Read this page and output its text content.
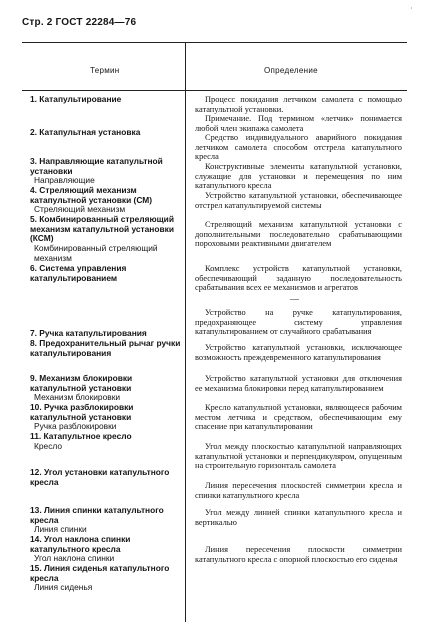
Стр. 2 ГОСТ 22284—76
·
Термин	Определение
1. Катапультирование
2. Катапультная установка
3. Направляющие катапультной установки
Направляющие
4. Стреляющий механизм катапультной установки (СМ)
Стреляющий механизм
5. Комбинированный стреляющий механизм катапультной установки (КСМ)
Комбинированный стреляющий механизм
6. Система управления катапультированием
7. Ручка катапультирования
8. Предохранительный рычаг ручки катапультирования
9. Механизм блокировки катапультной установки
Механизм блокировки
10. Ручка разблокировки катапультной установки
Ручка разблокировки
11. Катапультное кресло
Кресло
12. Угол установки катапультного кресла
13. Линия спинки катапультного кресла
Линия спинки
14. Угол наклона спинки катапультного кресла
Угол наклона спинки
15. Линия сиденья катапультного кресла
Линия сиденья
Процесс покидания летчиком самолета с помощью катапультной установки.
Примечание. Под термином «летчик» понимается любой член экипажа самолета
Средство индивидуального аварийного покидания летчиком самолета способом отстрела катапультного кресла
Конструктивные элементы катапультной установки, служащие для установки и перемещения по ним катапультного кресла
Устройство катапультной установки, обеспечивающее отстрел катапультируемой системы
Стреляющий механизм катапультной установки с дополнительными последовательно срабатывающими пороховыми реактивными двигателем
Комплекс устройств катапультной установки, обеспечивающий заданную последовательность срабатывания всех ее механизмов и агрегатов
—
Устройство на ручке катапультирования, предохраняющее систему управления катапультированием от случайного срабатывания
Устройство катапультной установки, исключающее возможность преждевременного катапультирования
Устройство катапультной установки для отключения ее механизма блокировки перед катапультированием
Кресло катапультной установки, являющееся рабочим местом летчика и средством, обеспечивающим ему спасение при катапультировании
Угол между плоскостью катапультной направляющих катапультной установки и перпендикуляром, опущенным на строительную горизонталь самолета
Линия пересечения плоскостей симметрии кресла и спинки катапультного кресла
Угол между линией спинки катапультного кресла и вертикалью
Линия пересечения плоскости симметрии катапультного кресла с опорной плоскостью его сиденья
